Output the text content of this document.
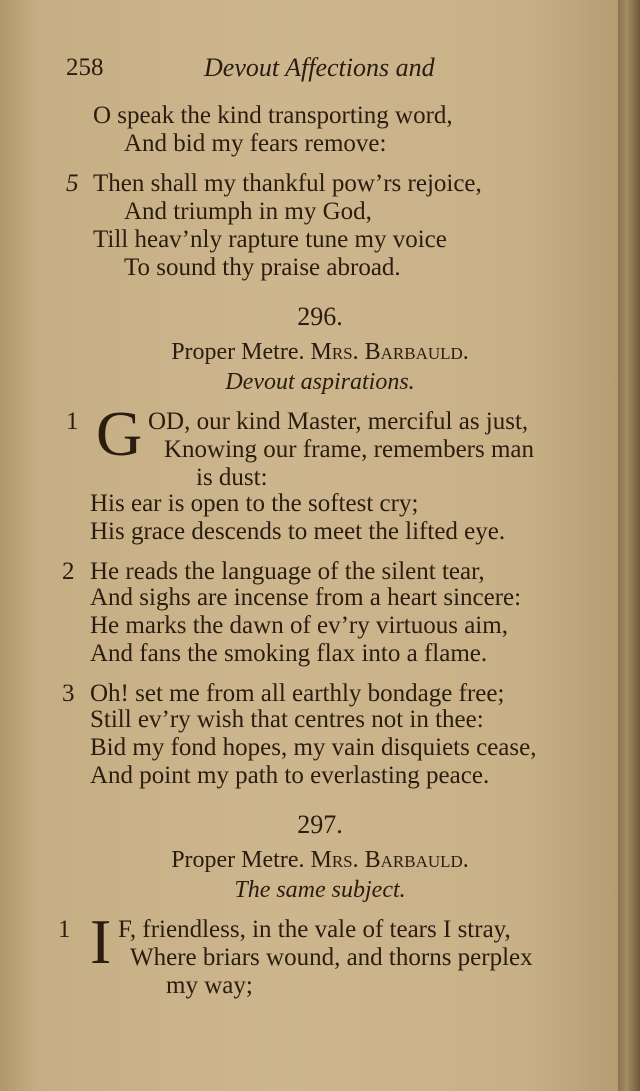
258	Devout Affections and
O speak the kind transporting word,
And bid my fears remove:
5 Then shall my thankful pow’rs rejoice,
And triumph in my God,
Till heav’nly rapture tune my voice
To sound thy praise abroad.
296.
Proper Metre. Mrs. Barbauld.
Devout aspirations.
1 G OD, our kind Master, merciful as just,
Knowing our frame, remembers man
is dust:
His ear is open to the softest cry;
His grace descends to meet the lifted eye.
2 He reads the language of the silent tear,
And sighs are incense from a heart sincere:
He marks the dawn of ev’ry virtuous aim,
And fans the smoking flax into a flame.
3 Oh! set me from all earthly bondage free;
Still ev’ry wish that centres not in thee:
Bid my fond hopes, my vain disquiets cease,
And point my path to everlasting peace.
297.
Proper Metre. Mrs. Barbauld.
The same subject.
1 I F, friendless, in the vale of tears I stray,
Where briars wound, and thorns perplex
my way;
